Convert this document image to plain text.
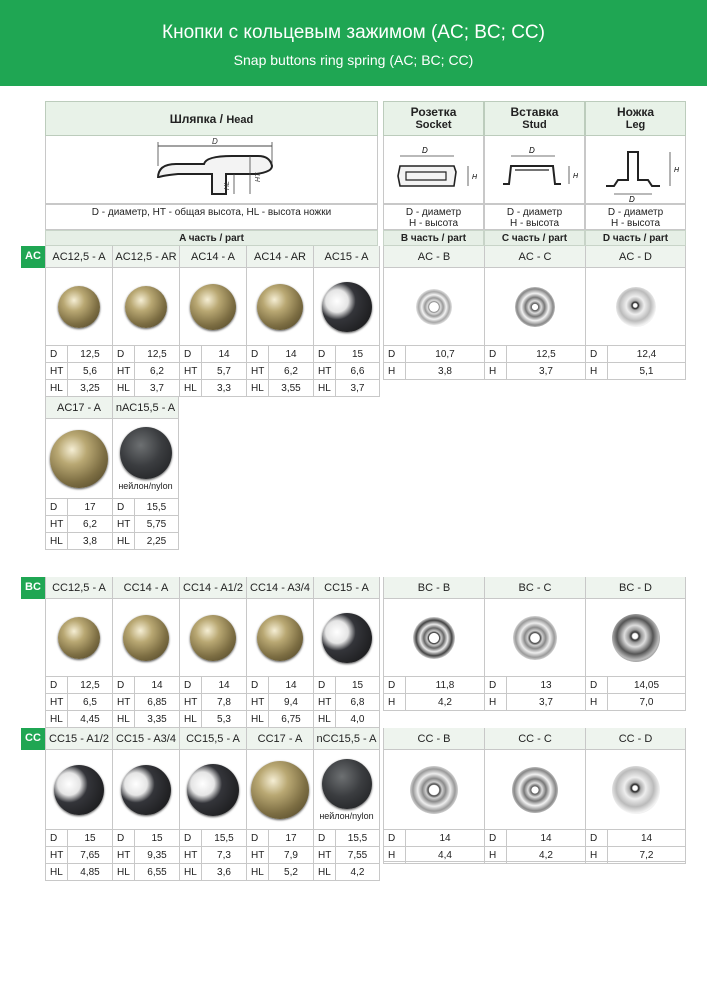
Кнопки с кольцевым зажимом (AC; BC; CC)
Snap buttons ring spring (AC; BC; CC)
Шляпка / Head
D
HL
HT
D - диаметр, HT - общая высота, HL - высота ножки
A часть / part
Розетка
Socket
Вставка
Stud
Ножка
Leg
D
H
D
H
D
H
D - диаметр
H - высота
D - диаметр
H - высота
D - диаметр
H - высота
B часть / part	C часть / part	D часть / part
AC
BC
CC
AC12,5 - A
D	12,5
HT	5,6
HL	3,25
AC12,5 - AR
D	12,5
HT	6,2
HL	3,7
AC14 - A
D	14
HT	5,7
HL	3,3
AC14 - AR
D	14
HT	6,2
HL	3,55
AC15 - A
D	15
HT	6,6
HL	3,7
AC - B
D	10,7
H	3,8
AC - C
D	12,5
H	3,7
AC - D
D	12,4
H	5,1
AC17 - A
D	17
HT	6,2
HL	3,8
nAC15,5 - A
нейлон/nylon
D	15,5
HT	5,75
HL	2,25
CC12,5 - A
D	12,5
HT	6,5
HL	4,45
CC14 - A
D	14
HT	6,85
HL	3,35
CC14 - A1/2
D	14
HT	7,8
HL	5,3
CC14 - A3/4
D	14
HT	9,4
HL	6,75
CC15 - A
D	15
HT	6,8
HL	4,0
BC - B
D	11,8
H	4,2
BC - C
D	13
H	3,7
BC - D
D	14,05
H	7,0
CC15 - A1/2
D	15
HT	7,65
HL	4,85
CC15 - A3/4
D	15
HT	9,35
HL	6,55
CC15,5 - A
D	15,5
HT	7,3
HL	3,6
CC17 - A
D	17
HT	7,9
HL	5,2
nCC15,5 - A
нейлон/nylon
D	15,5
HT	7,55
HL	4,2
CC - B
D	14
H	4,4
CC - C
D	14
H	4,2
CC - D
D	14
H	7,2
